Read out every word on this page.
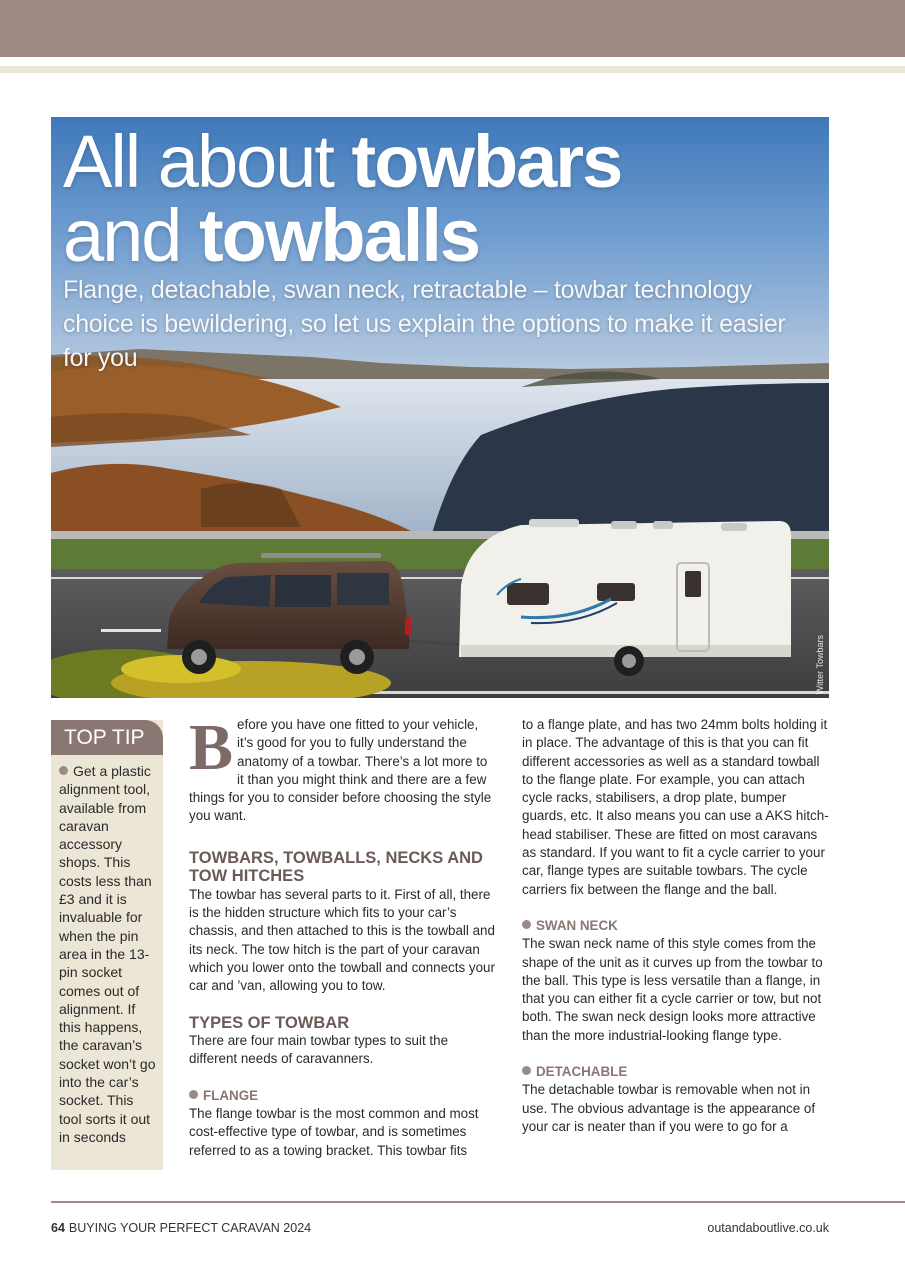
All about towbars
and towballs

Flange, detachable, swan neck, retractable – towbar technology choice is bewildering, so let us explain the options to make it easier for you

Witter Towbars
TOP TIP
Get a plastic alignment tool, available from caravan accessory shops. This costs less than £3 and it is invaluable for when the pin area in the 13-pin socket comes out of alignment. If this happens, the caravan’s socket won’t go into the car’s socket. This tool sorts it out in seconds

Before you have one fitted to your vehicle, it’s good for you to fully understand the anatomy of a towbar. There’s a lot more to it than you might think and there are a few things for you to consider before choosing the style you want.

TOWBARS, TOWBALLS, NECKS AND TOW HITCHES

The towbar has several parts to it. First of all, there is the hidden structure which fits to your car’s chassis, and then attached to this is the towball and its neck. The tow hitch is the part of your caravan which you lower onto the towball and connects your car and ’van, allowing you to tow.

TYPES OF TOWBAR

There are four main towbar types to suit the different needs of caravanners.

FLANGE

The flange towbar is the most common and most cost-effective type of towbar, and is sometimes referred to as a towing bracket. This towbar fits

to a flange plate, and has two 24mm bolts holding it in place. The advantage of this is that you can fit different accessories as well as a standard towball to the flange plate. For example, you can attach cycle racks, stabilisers, a drop plate, bumper guards, etc. It also means you can use a AKS hitch-head stabiliser. These are fitted on most caravans as standard. If you want to fit a cycle carrier to your car, flange types are suitable towbars. The cycle carriers fix between the flange and the ball.

SWAN NECK

The swan neck name of this style comes from the shape of the unit as it curves up from the towbar to the ball. This type is less versatile than a flange, in that you can either fit a cycle carrier or tow, but not both. The swan neck design looks more attractive than the more industrial-looking flange type.

DETACHABLE

The detachable towbar is removable when not in use. The obvious advantage is the appearance of your car is neater than if you were to go for a

64 BUYING YOUR PERFECT CARAVAN 2024	outandaboutlive.co.uk
